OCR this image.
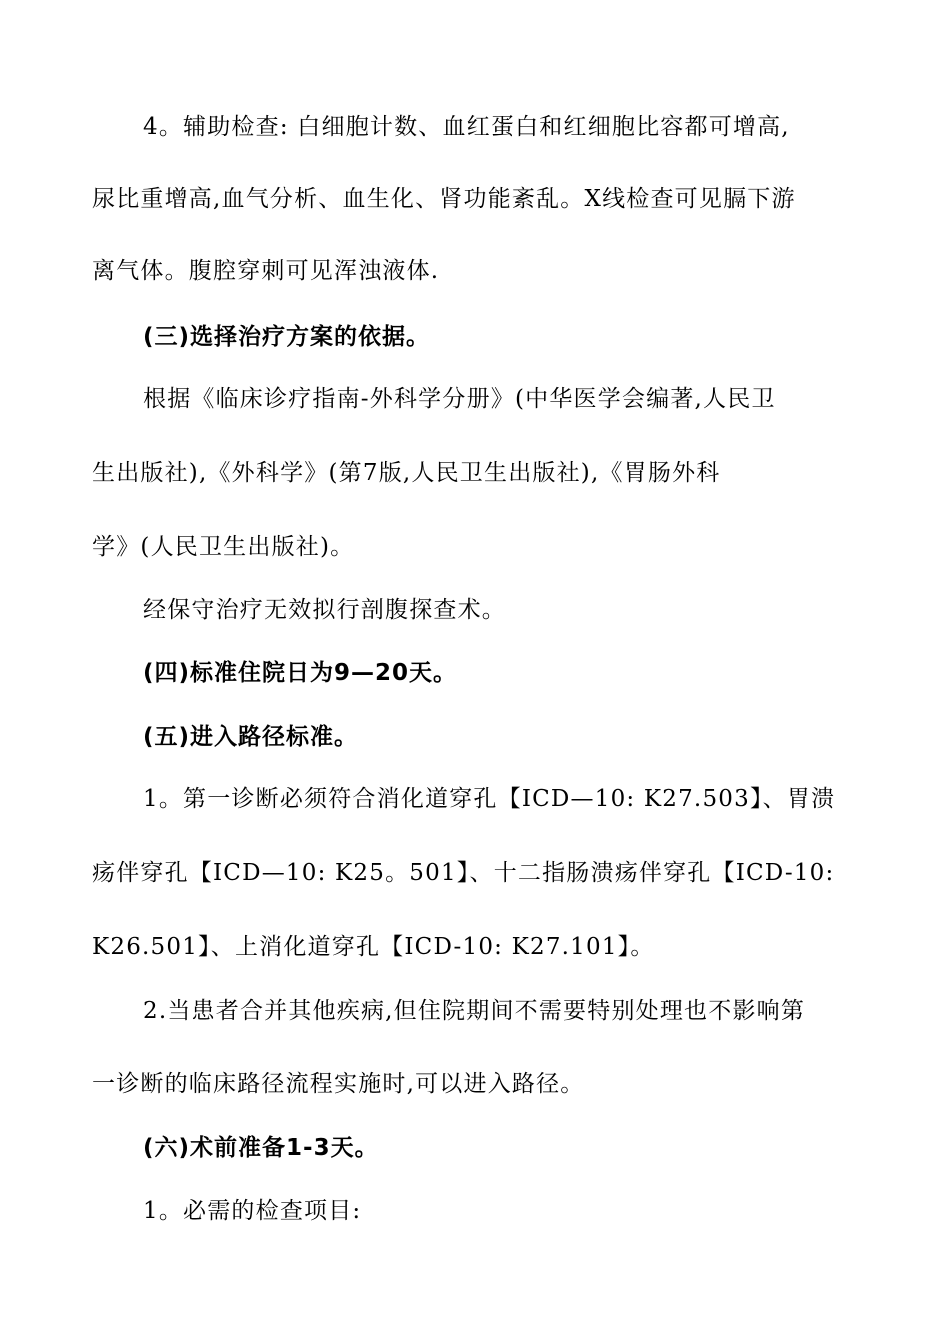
4。辅助检查: 白细胞计数、血红蛋白和红细胞比容都可增高,
尿比重增高,血气分析、血生化、肾功能紊乱。X线检查可见膈下游
离气体。腹腔穿刺可见浑浊液体.
(三)选择治疗方案的依据。
根据《临床诊疗指南-外科学分册》(中华医学会编著,人民卫
生出版社),《外科学》(第7版,人民卫生出版社),《胃肠外科
学》(人民卫生出版社)。
经保守治疗无效拟行剖腹探查术。
(四)标准住院日为9—20天。
(五)进入路径标准。
1。第一诊断必须符合消化道穿孔【ICD—10: K27.503】、胃溃
疡伴穿孔【ICD—10: K25。501】、十二指肠溃疡伴穿孔【ICD-10:
K26.501】、上消化道穿孔【ICD-10: K27.101】。
2.当患者合并其他疾病,但住院期间不需要特别处理也不影响第
一诊断的临床路径流程实施时,可以进入路径。
(六)术前准备1-3天。
1。必需的检查项目:
